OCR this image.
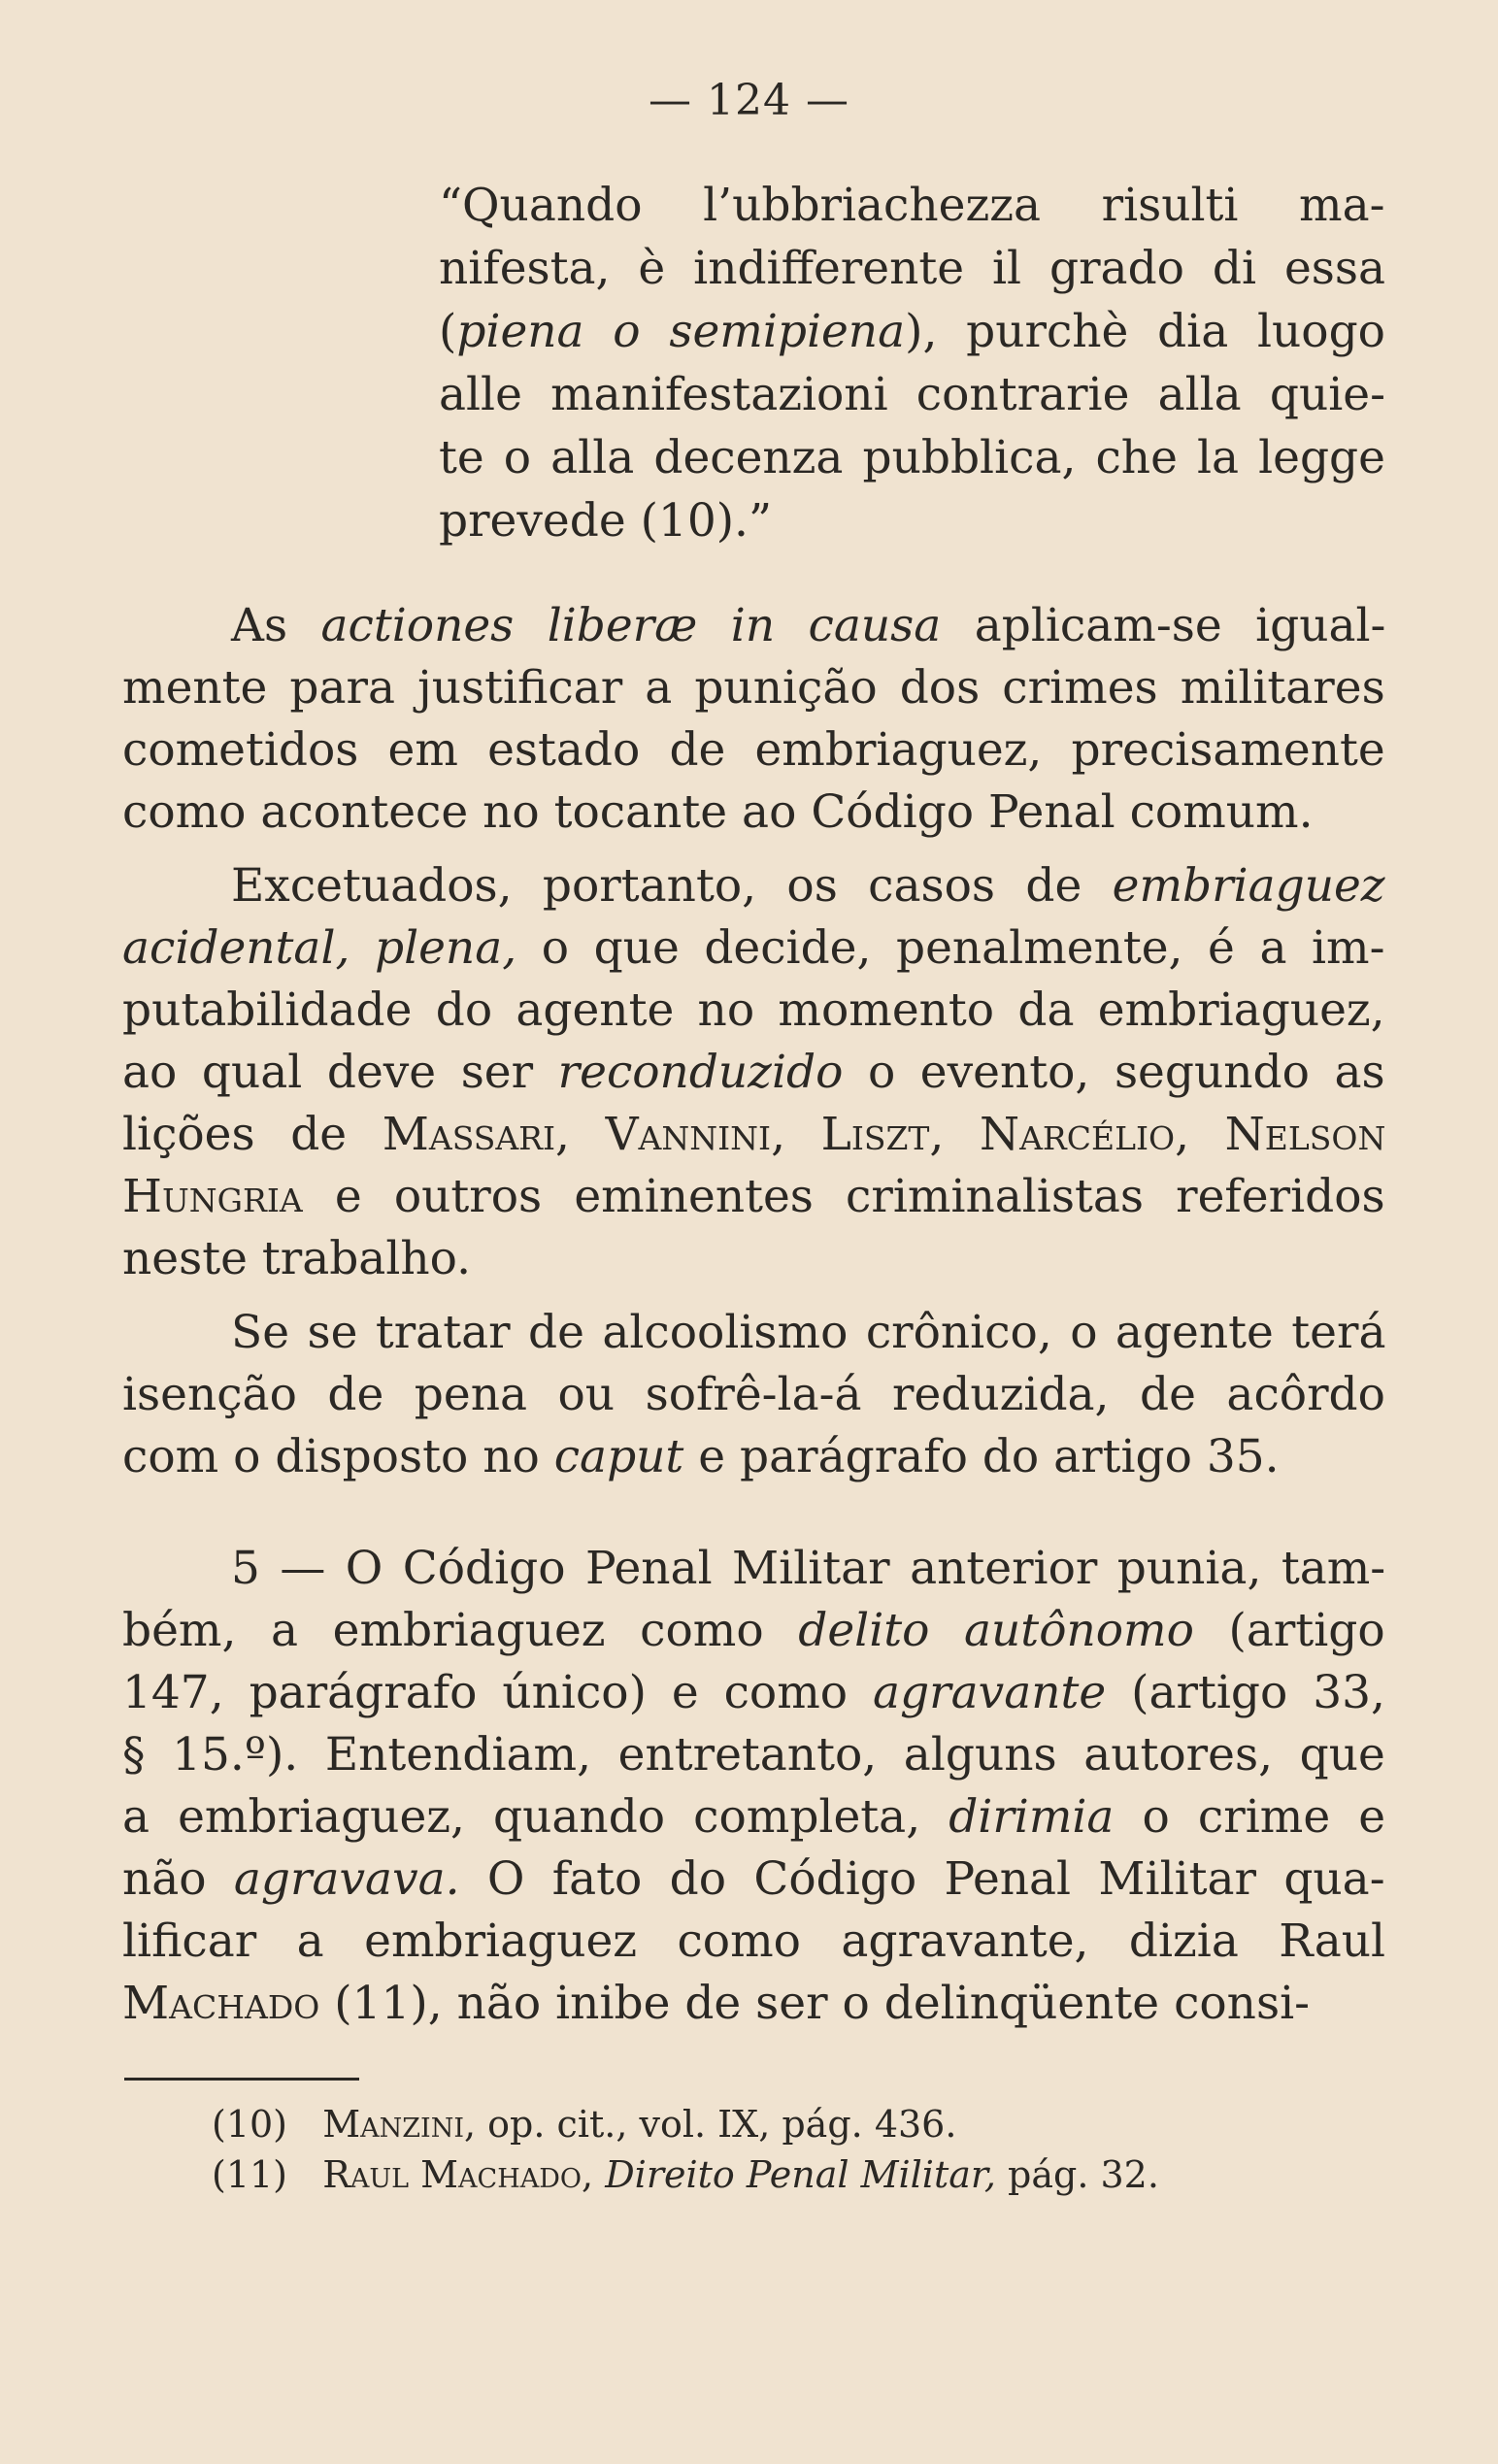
— 124 —
“Quando l’ubbriachezza risulti ma-
nifesta, è indifferente il grado di essa
(piena o semipiena), purchè dia luogo
alle manifestazioni contrarie alla quie-
te o alla decenza pubblica, che la legge
prevede (10).”
As actiones liberæ in causa aplicam-se igual-
mente para justificar a punição dos crimes militares
cometidos em estado de embriaguez, precisamente
como acontece no tocante ao Código Penal comum.
Excetuados, portanto, os casos de embriaguez
acidental, plena, o que decide, penalmente, é a im-
putabilidade do agente no momento da embriaguez,
ao qual deve ser reconduzido o evento, segundo as
lições de Massari, Vannini, Liszt, Narcélio, Nelson
Hungria e outros eminentes criminalistas referidos
neste trabalho.
Se se tratar de alcoolismo crônico, o agente terá
isenção de pena ou sofrê-la-á reduzida, de acôrdo
com o disposto no caput e parágrafo do artigo 35.
5 — O Código Penal Militar anterior punia, tam-
bém, a embriaguez como delito autônomo (artigo
147, parágrafo único) e como agravante (artigo 33,
§ 15.º). Entendiam, entretanto, alguns autores, que
a embriaguez, quando completa, dirimia o crime e
não agravava. O fato do Código Penal Militar qua-
lificar a embriaguez como agravante, dizia Raul
Machado (11), não inibe de ser o delinqüente consi-
(10) Manzini, op. cit., vol. IX, pág. 436.
(11) Raul Machado, Direito Penal Militar, pág. 32.
